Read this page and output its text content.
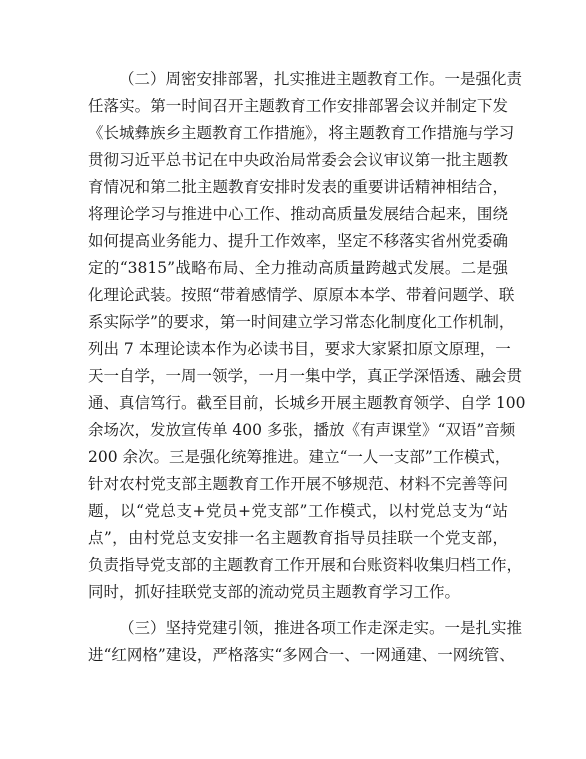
（二）周密安排部署，扎实推进主题教育工作。一是强化责
任落实。第一时间召开主题教育工作安排部署会议并制定下发
《长城彝族乡主题教育工作措施》，将主题教育工作措施与学习
贯彻习近平总书记在中央政治局常委会会议审议第一批主题教
育情况和第二批主题教育安排时发表的重要讲话精神相结合，
将理论学习与推进中心工作、推动高质量发展结合起来，围绕
如何提高业务能力、提升工作效率，坚定不移落实省州党委确
定的“3815”战略布局、全力推动高质量跨越式发展。二是强
化理论武装。按照“带着感情学、原原本本学、带着问题学、联
系实际学”的要求，第一时间建立学习常态化制度化工作机制，
列出 7 本理论读本作为必读书目，要求大家紧扣原文原理，一
天一自学，一周一领学，一月一集中学，真正学深悟透、融会贯
通、真信笃行。截至目前，长城乡开展主题教育领学、自学 100
余场次，发放宣传单 400 多张，播放《有声课堂》“双语”音频
200 余次。三是强化统筹推进。建立“一人一支部”工作模式，
针对农村党支部主题教育工作开展不够规范、材料不完善等问
题，以“党总支+党员+党支部”工作模式，以村党总支为“站
点”，由村党总支安排一名主题教育指导员挂联一个党支部，
负责指导党支部的主题教育工作开展和台账资料收集归档工作，
同时，抓好挂联党支部的流动党员主题教育学习工作。
（三）坚持党建引领，推进各项工作走深走实。一是扎实推
进“红网格”建设，严格落实“多网合一、一网通建、一网统管、
